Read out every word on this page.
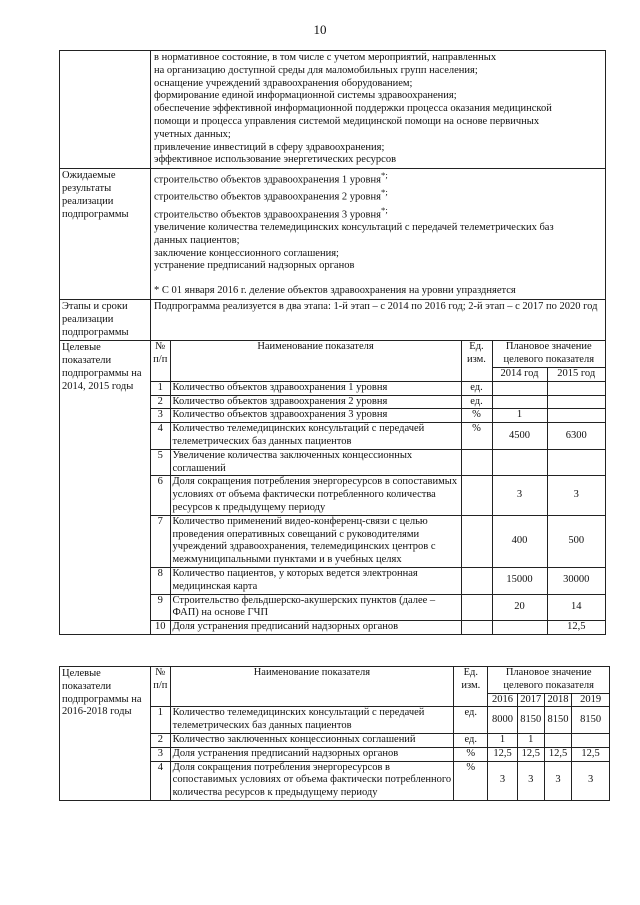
10

в нормативное состояние, в том числе с учетом мероприятий, направленных
на организацию доступной среды для маломобильных групп населения;
оснащение учреждений здравоохранения оборудованием;
формирование единой информационной системы здравоохранения;
обеспечение эффективной информационной поддержки процесса оказания медицинской
помощи и процесса управления системой медицинской помощи на основе первичных
учетных данных;
привлечение инвестиций в сферу здравоохранения;
эффективное использование энергетических ресурсов

Ожидаемые результаты реализации подпрограммы	
строительство объектов здравоохранения 1 уровня*;
строительство объектов здравоохранения 2 уровня*;
строительство объектов здравоохранения 3 уровня*;
увеличение количества телемедицинских консультаций с передачей телеметрических баз
данных пациентов;
заключение концессионного соглашения;
устранение предписаний надзорных органов
* С 01 января 2016 г. деление объектов здравоохранения на уровни упраздняется

Этапы и сроки реализации подпрограммы	Подпрограмма реализуется в два этапа: 1-й этап – с 2014 по 2016 год; 2-й этап – с 2017 по 2020 год
Целевые показатели подпрограммы на 2014, 2015 годы	
№ п/п	Наименование показателя	Ед. изм.	Плановое значение целевого показателя
2014 год	2015 год
1	Количество объектов здравоохранения 1 уровня	ед.		
2	Количество объектов здравоохранения 2 уровня	ед.		
3	Количество объектов здравоохранения 3 уровня	%	1	
4	Количество телемедицинских консультаций с передачей телеметрических баз данных пациентов	%	4500	6300
5	Увеличение количества заключенных концессионных соглашений			
6	Доля сокращения потребления энергоресурсов в сопоставимых условиях от объема фактически потребленного количества ресурсов к предыдущему периоду		3	3
7	Количество применений видео-конференц-связи с целью проведения оперативных совещаний с руководителями учреждений здравоохранения, телемедицинских центров с межмуниципальными пунктами и в учебных целях		400	500
8	Количество пациентов, у которых ведется электронная медицинская карта		15000	30000
9	Строительство фельдшерско-акушерских пунктов (далее – ФАП) на основе ГЧП		20	14
10	Доля устранения предписаний надзорных органов			12,5
Целевые показатели подпрограммы на 2016-2018 годы	
№ п/п	Наименование показателя	Ед. изм.	Плановое значение целевого показателя
2016	2017	2018	2019
1	Количество телемедицинских консультаций с передачей телеметрических баз данных пациентов	ед.	8000	8150	8150	8150
2	Количество заключенных концессионных соглашений	ед.	1	1		
3	Доля устранения предписаний надзорных органов	%	12,5	12,5	12,5	12,5
4	Доля сокращения потребления энергоресурсов в сопоставимых условиях от объема фактически потребленного количества ресурсов к предыдущему периоду	%	3	3	3	3
